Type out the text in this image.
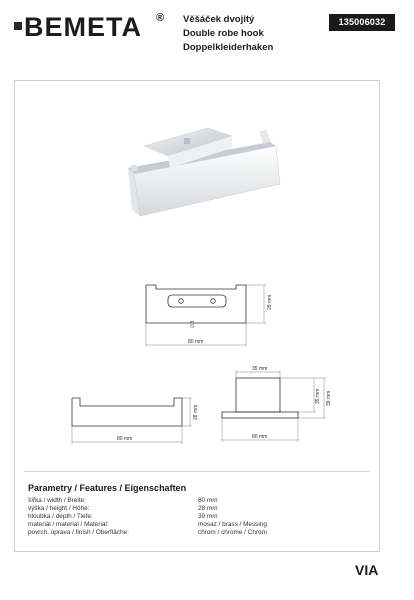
BEMETA ® Věšáček dvojitý
Double robe hook
Doppelkleiderhaken
135006032
80 mm
28 mm
∅3
80 mm
28 mm
35 mm
80 mm
35 mm 39 mm
Parametry / Features / Eigenschaften
šířka / width / Breite:	80 mm
výška / height / Höhe:	28 mm
hloubka / depth / Tiefe:	39 mm
materiál / material / Material:	mosaz / brass / Messing
povrch. úprava / finish / Oberfläche:	chrom / chrome / Chrom
VIA
